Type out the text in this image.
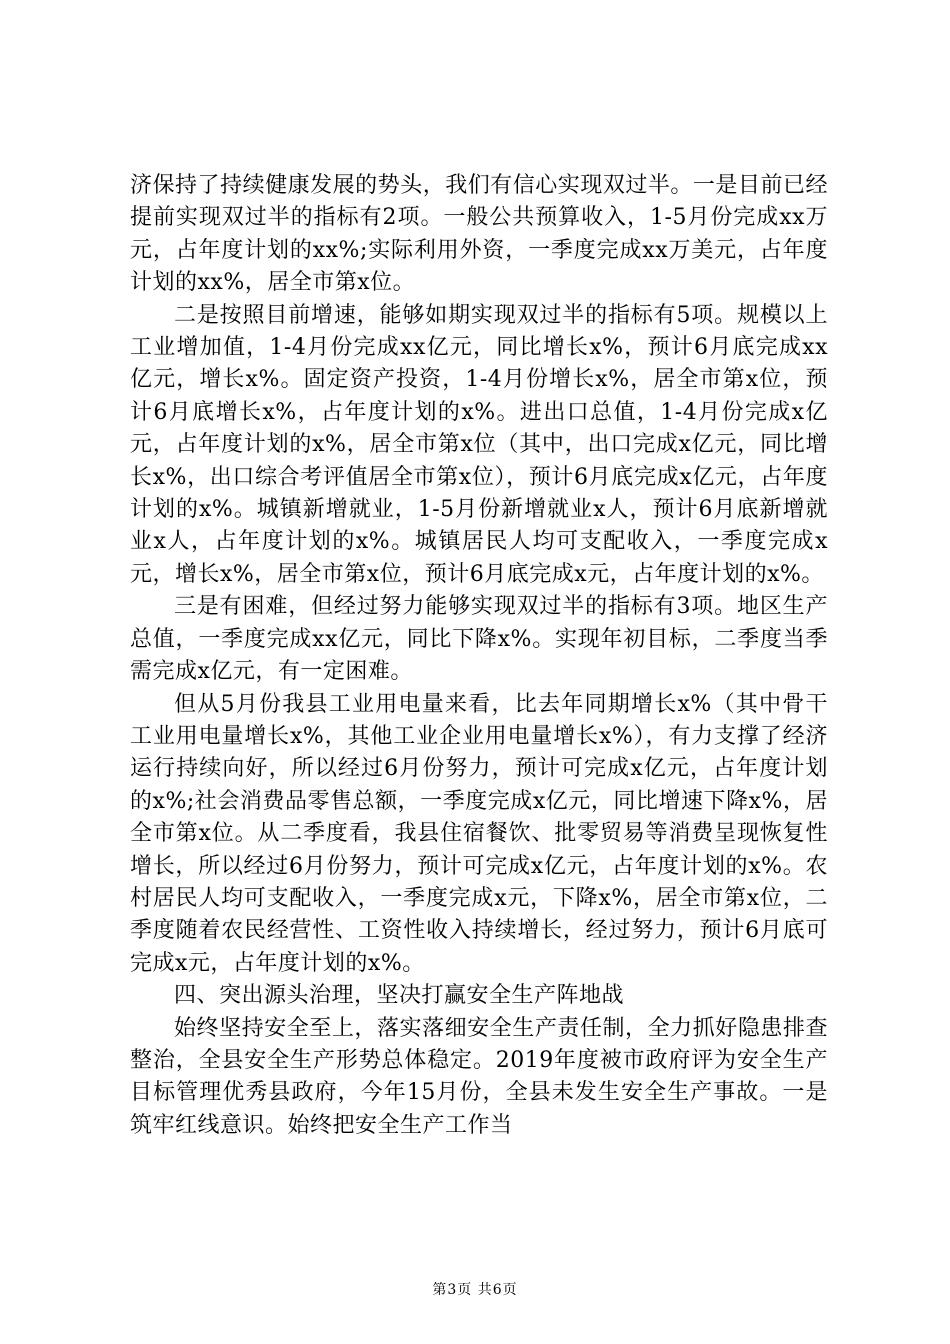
济保持了持续健康发展的势头，我们有信心实现双过半。一是目前已经提前实现双过半的指标有2项。一般公共预算收入，1-5月份完成xx万元，占年度计划的xx%;实际利用外资，一季度完成xx万美元，占年度计划的xx%，居全市第x位。

二是按照目前增速，能够如期实现双过半的指标有5项。规模以上工业增加值，1-4月份完成xx亿元，同比增长x%，预计6月底完成xx亿元，增长x%。固定资产投资，1-4月份增长x%，居全市第x位，预计6月底增长x%，占年度计划的x%。进出口总值，1-4月份完成x亿元，占年度计划的x%，居全市第x位（其中，出口完成x亿元，同比增长x%，出口综合考评值居全市第x位），预计6月底完成x亿元，占年度计划的x%。城镇新增就业，1-5月份新增就业x人，预计6月底新增就业x人，占年度计划的x%。城镇居民人均可支配收入，一季度完成x元，增长x%，居全市第x位，预计6月底完成x元，占年度计划的x%。

三是有困难，但经过努力能够实现双过半的指标有3项。地区生产总值，一季度完成xx亿元，同比下降x%。实现年初目标，二季度当季需完成x亿元，有一定困难。

但从5月份我县工业用电量来看，比去年同期增长x%（其中骨干工业用电量增长x%，其他工业企业用电量增长x%），有力支撑了经济运行持续向好，所以经过6月份努力，预计可完成x亿元，占年度计划的x%;社会消费品零售总额，一季度完成x亿元，同比增速下降x%，居全市第x位。从二季度看，我县住宿餐饮、批零贸易等消费呈现恢复性增长，所以经过6月份努力，预计可完成x亿元，占年度计划的x%。农村居民人均可支配收入，一季度完成x元，下降x%，居全市第x位，二季度随着农民经营性、工资性收入持续增长，经过努力，预计6月底可完成x元，占年度计划的x%。

四、突出源头治理，坚决打赢安全生产阵地战

始终坚持安全至上，落实落细安全生产责任制，全力抓好隐患排查整治，全县安全生产形势总体稳定。2019年度被市政府评为安全生产目标管理优秀县政府，今年15月份，全县未发生安全生产事故。一是筑牢红线意识。始终把安全生产工作当

第3页 共6页
